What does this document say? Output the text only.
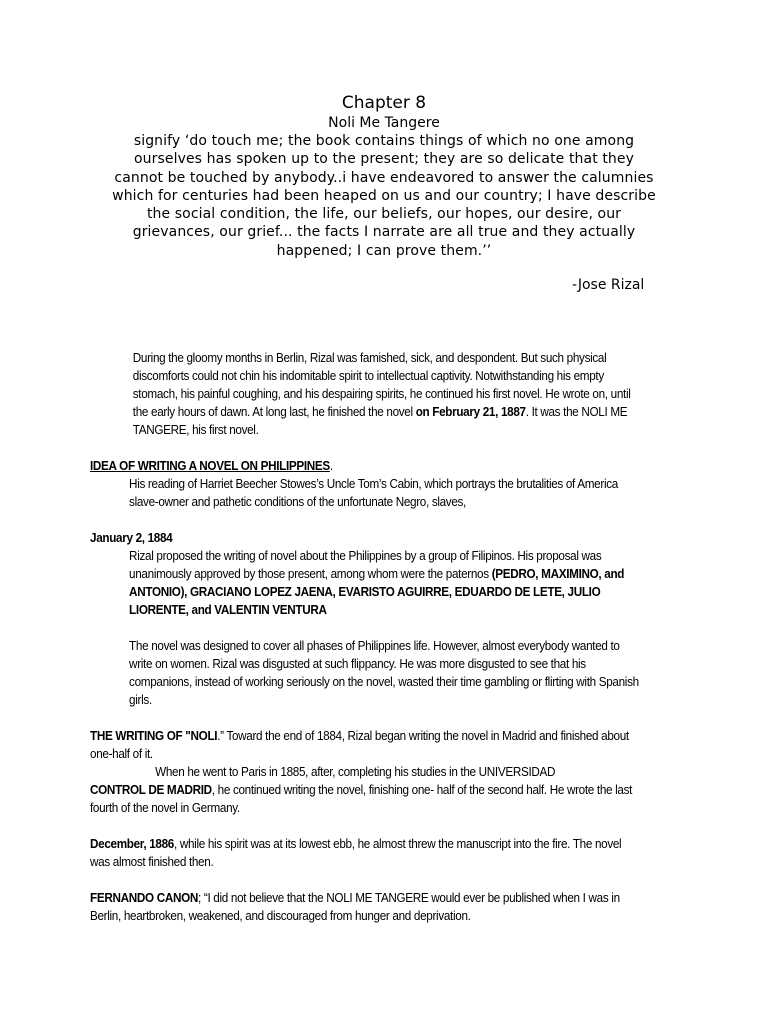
Chapter 8

Noli Me Tangere

signify ‘do touch me; the book contains things of which no one among

ourselves has spoken up to the present; they are so delicate that they

cannot be touched by anybody..i have endeavored to answer the calumnies

which for centuries had been heaped on us and our country; I have describe

the social condition, the life, our beliefs, our hopes, our desire, our

grievances, our grief... the facts I narrate are all true and they actually

happened; I can prove them.’’

-Jose Rizal

During the gloomy months in Berlin, Rizal was famished, sick, and despondent. But such physical discomforts could not chin his indomitable spirit to intellectual captivity. Notwithstanding his empty stomach, his painful coughing, and his despairing spirits, he continued his first novel. He wrote on, until the early hours of dawn. At long last, he finished the novel on February 21, 1887. It was the NOLI ME TANGERE, his first novel.

IDEA OF WRITING A NOVEL ON PHILIPPINES.

His reading of Harriet Beecher Stowes’s Uncle Tom’s Cabin, which portrays the brutalities of America slave-owner and pathetic conditions of the unfortunate Negro, slaves,

January 2, 1884

Rizal proposed the writing of novel about the Philippines by a group of Filipinos. His proposal was unanimously approved by those present, among whom were the paternos (PEDRO, MAXIMINO, and ANTONIO), GRACIANO LOPEZ JAENA, EVARISTO AGUIRRE, EDUARDO DE LETE, JULIO LIORENTE, and VALENTIN VENTURA

The novel was designed to cover all phases of Philippines life. However, almost everybody wanted to write on women. Rizal was disgusted at such flippancy. He was more disgusted to see that his companions, instead of working seriously on the novel, wasted their time gambling or flirting with Spanish girls.

THE WRITING OF "NOLI.” Toward the end of 1884, Rizal began writing the novel in Madrid and finished about one-half of it.

When he went to Paris in 1885, after, completing his studies in the UNIVERSIDAD

CONTROL DE MADRID, he continued writing the novel, finishing one- half of the second half. He wrote the last fourth of the novel in Germany.

December, 1886, while his spirit was at its lowest ebb, he almost threw the manuscript into the fire. The novel was almost finished then.

FERNANDO CANON; “I did not believe that the NOLI ME TANGERE would ever be published when I was in Berlin, heartbroken, weakened, and discouraged from hunger and deprivation.
